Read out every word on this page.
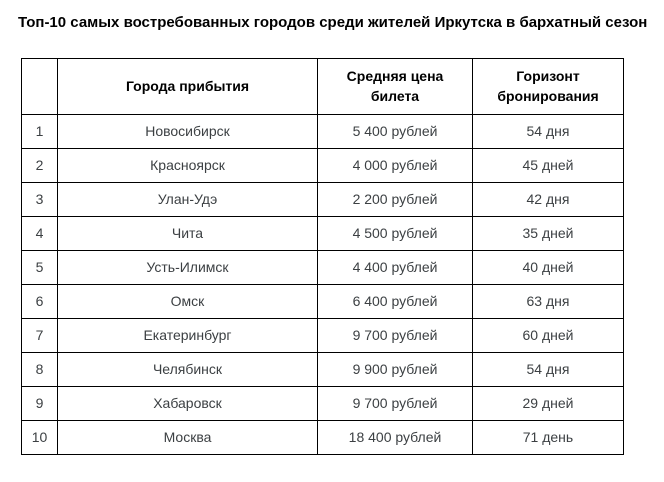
Топ-10 самых востребованных городов среди жителей Иркутска в бархатный сезон
	Города прибытия	Средняя цена билета	Горизонт бронирования
1	Новосибирск	5 400 рублей	54 дня
2	Красноярск	4 000 рублей	45 дней
3	Улан-Удэ	2 200 рублей	42 дня
4	Чита	4 500 рублей	35 дней
5	Усть-Илимск	4 400 рублей	40 дней
6	Омск	6 400 рублей	63 дня
7	Екатеринбург	9 700 рублей	60 дней
8	Челябинск	9 900 рублей	54 дня
9	Хабаровск	9 700 рублей	29 дней
10	Москва	18 400 рублей	71 день
